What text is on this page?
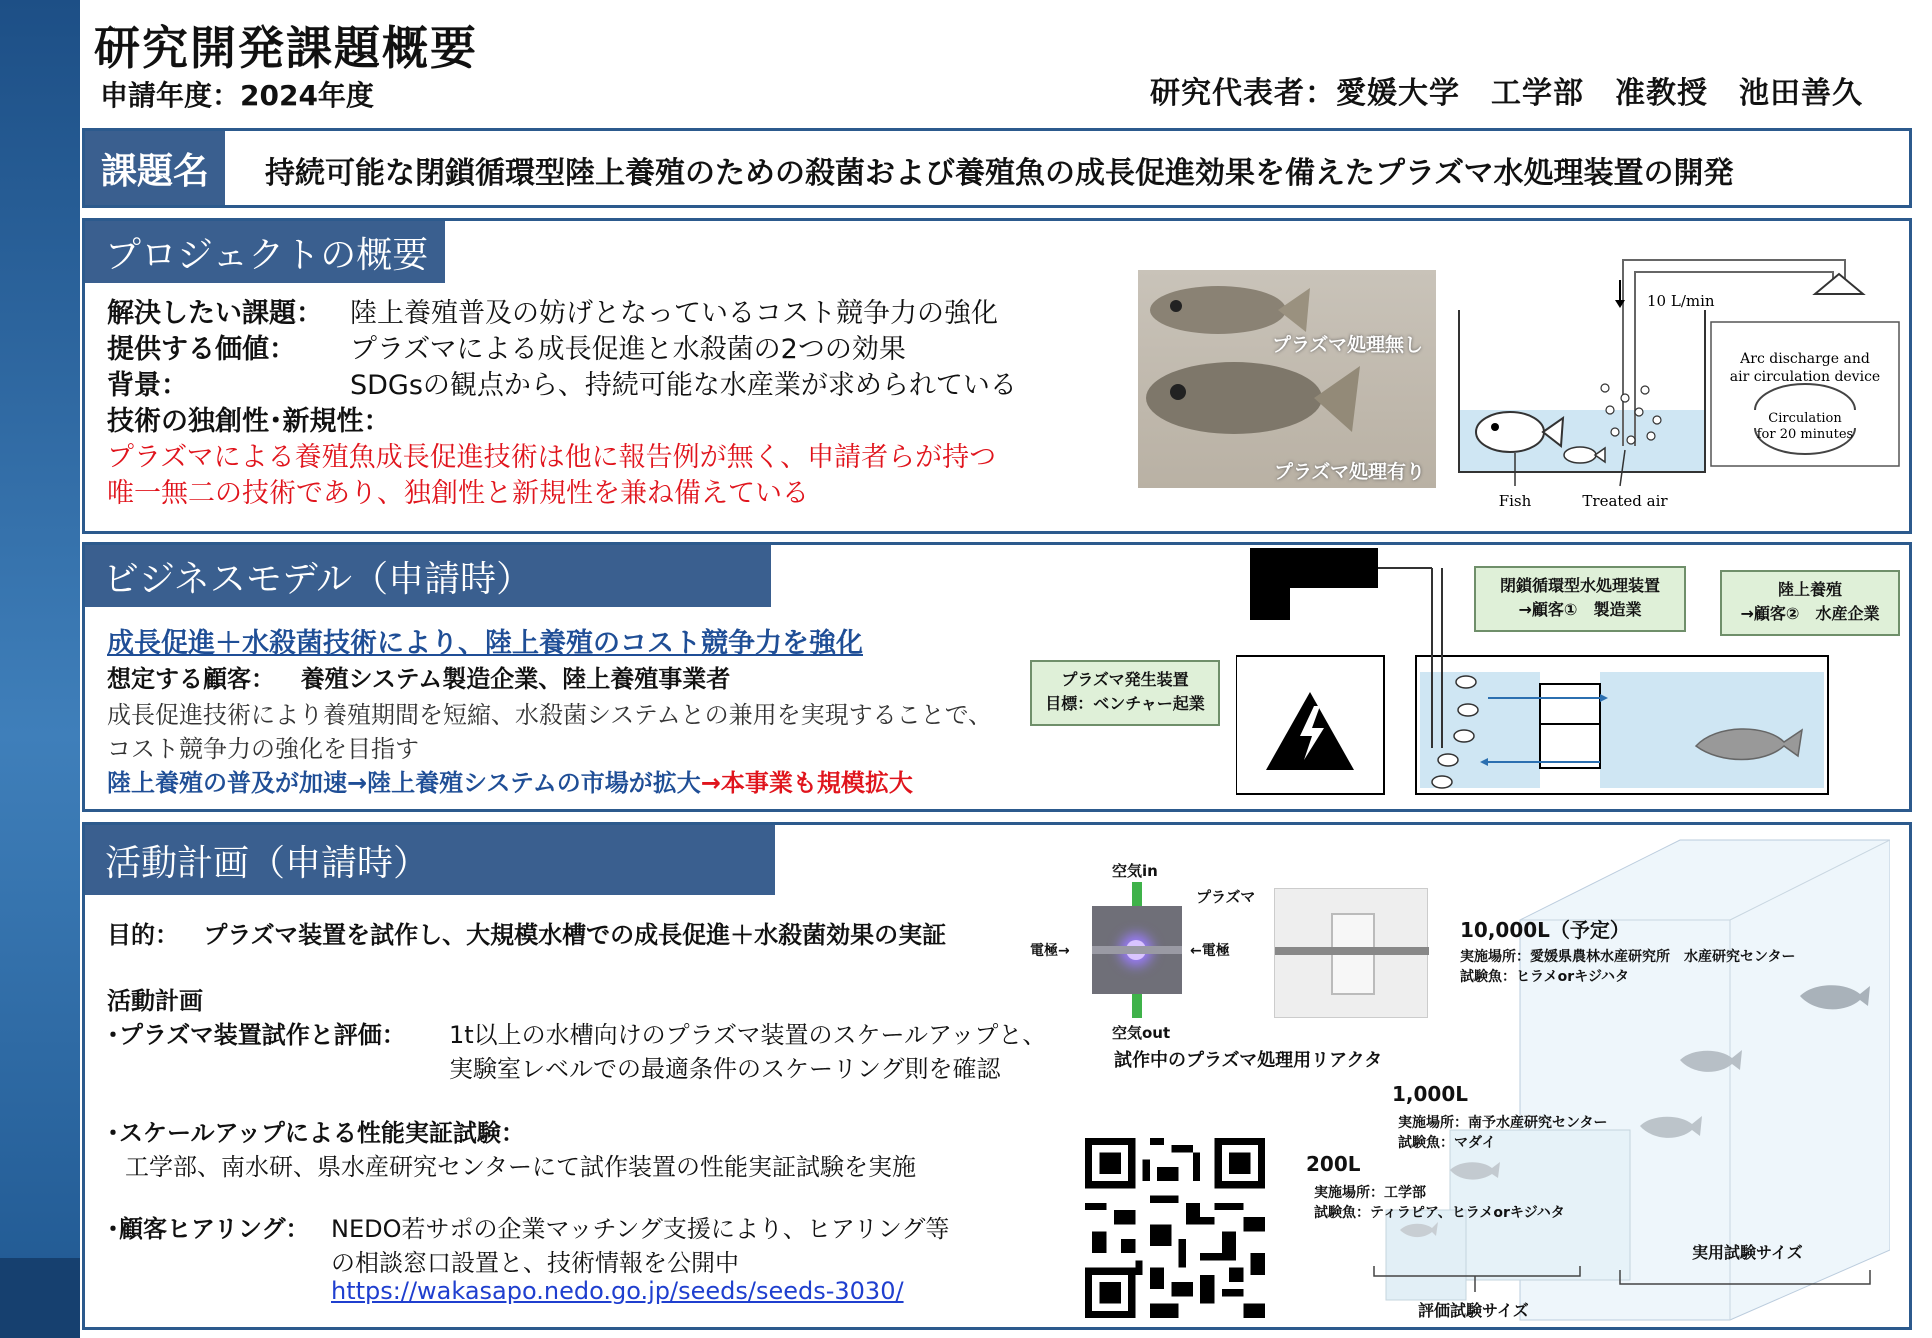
研究開発課題概要
申請年度：2024年度	研究代表者：愛媛大学　工学部　准教授　池田善久
課題名	持続可能な閉鎖循環型陸上養殖のための殺菌および養殖魚の成長促進効果を備えたプラズマ水処理装置の開発
プロジェクトの概要
解決したい課題： 陸上養殖普及の妨げとなっているコスト競争力の強化
提供する価値： プラズマによる成長促進と水殺菌の2つの効果
背景：	SDGsの観点から、持続可能な水産業が求められている
技術の独創性･新規性：
プラズマによる養殖魚成長促進技術は他に報告例が無く、申請者らが持つ
唯一無二の技術であり、独創性と新規性を兼ね備えている
プラズマ処理無し
プラズマ処理有り
10 L/min
Arc discharge and
air circulation device
Circulation
for 20 minutes
Fish	Treated air
ビジネスモデル（申請時）
成長促進＋水殺菌技術により、陸上養殖のコスト競争力を強化
想定する顧客： 養殖システム製造企業、陸上養殖事業者
成長促進技術により養殖期間を短縮、水殺菌システムとの兼用を実現することで、
コスト競争力の強化を目指す
陸上養殖の普及が加速→陸上養殖システムの市場が拡大→本事業も規模拡大
プラズマ発生装置
目標：ベンチャー起業
閉鎖循環型水処理装置
→顧客①　製造業
陸上養殖
→顧客②　水産企業
活動計画（申請時）
目的： プラズマ装置を試作し、大規模水槽での成長促進＋水殺菌効果の実証
活動計画
･プラズマ装置試作と評価： 1t以上の水槽向けのプラズマ装置のスケールアップと、
実験室レベルでの最適条件のスケーリング則を確認
･スケールアップによる性能実証試験：
工学部、南水研、県水産研究センターにて試作装置の性能実証試験を実施
･顧客ヒアリング： NEDO若サポの企業マッチング支援により、ヒアリング等
の相談窓口設置と、技術情報を公開中
https://wakasapo.nedo.go.jp/seeds/seeds-3030/
空気in
プラズマ
電極→	←電極
空気out
試作中のプラズマ処理用リアクタ
10,000L（予定）
実施場所：愛媛県農林水産研究所　水産研究センター
試験魚：ヒラメorキジハタ
1,000L
実施場所：南予水産研究センター
試験魚：マダイ
200L
実施場所：工学部
試験魚：ティラピア、ヒラメorキジハタ
実用試験サイズ
評価試験サイズ
